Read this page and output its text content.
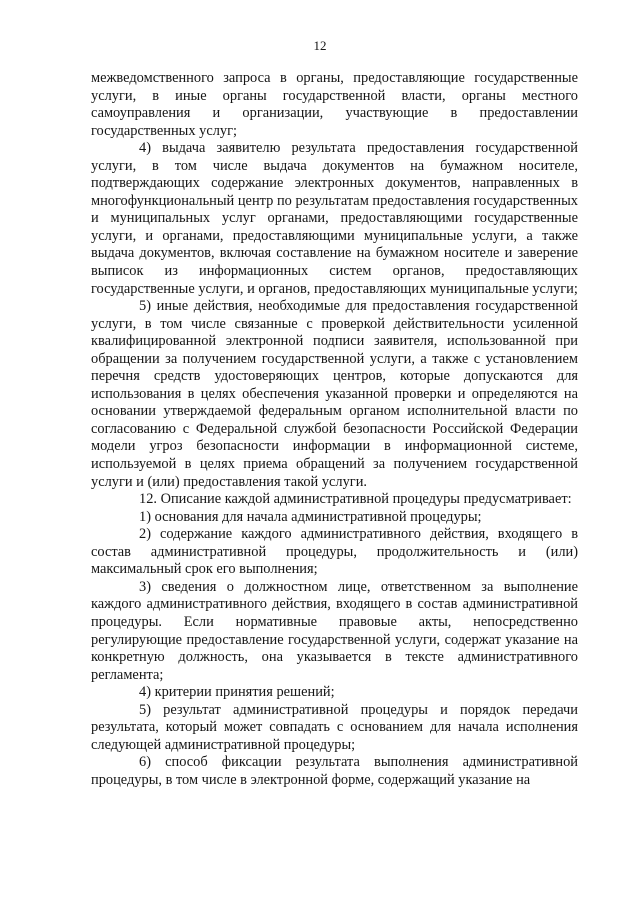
12

межведомственного запроса в органы, предоставляющие государственные услуги, в иные органы государственной власти, органы местного самоуправления и организации, участвующие в предоставлении государственных услуг;

4) выдача заявителю результата предоставления государственной услуги, в том числе выдача документов на бумажном носителе, подтверждающих содержание электронных документов, направленных в многофункциональный центр по результатам предоставления государственных и муниципальных услуг органами, предоставляющими государственные услуги, и органами, предоставляющими муниципальные услуги, а также выдача документов, включая составление на бумажном носителе и заверение выписок из информационных систем органов, предоставляющих государственные услуги, и органов, предоставляющих муниципальные услуги;

5) иные действия, необходимые для предоставления государственной услуги, в том числе связанные с проверкой действительности усиленной квалифицированной электронной подписи заявителя, использованной при обращении за получением государственной услуги, а также с установлением перечня средств удостоверяющих центров, которые допускаются для использования в целях обеспечения указанной проверки и определяются на основании утверждаемой федеральным органом исполнительной власти по согласованию с Федеральной службой безопасности Российской Федерации модели угроз безопасности информации в информационной системе, используемой в целях приема обращений за получением государственной услуги и (или) предоставления такой услуги.

12. Описание каждой административной процедуры предусматривает:

1) основания для начала административной процедуры;

2) содержание каждого административного действия, входящего в состав административной процедуры, продолжительность и (или) максимальный срок его выполнения;

3) сведения о должностном лице, ответственном за выполнение каждого административного действия, входящего в состав административной процедуры. Если нормативные правовые акты, непосредственно регулирующие предоставление государственной услуги, содержат указание на конкретную должность, она указывается в тексте административного регламента;

4) критерии принятия решений;

5) результат административной процедуры и порядок передачи результата, который может совпадать с основанием для начала исполнения следующей административной процедуры;

6) способ фиксации результата выполнения административной процедуры, в том числе в электронной форме, содержащий указание на
